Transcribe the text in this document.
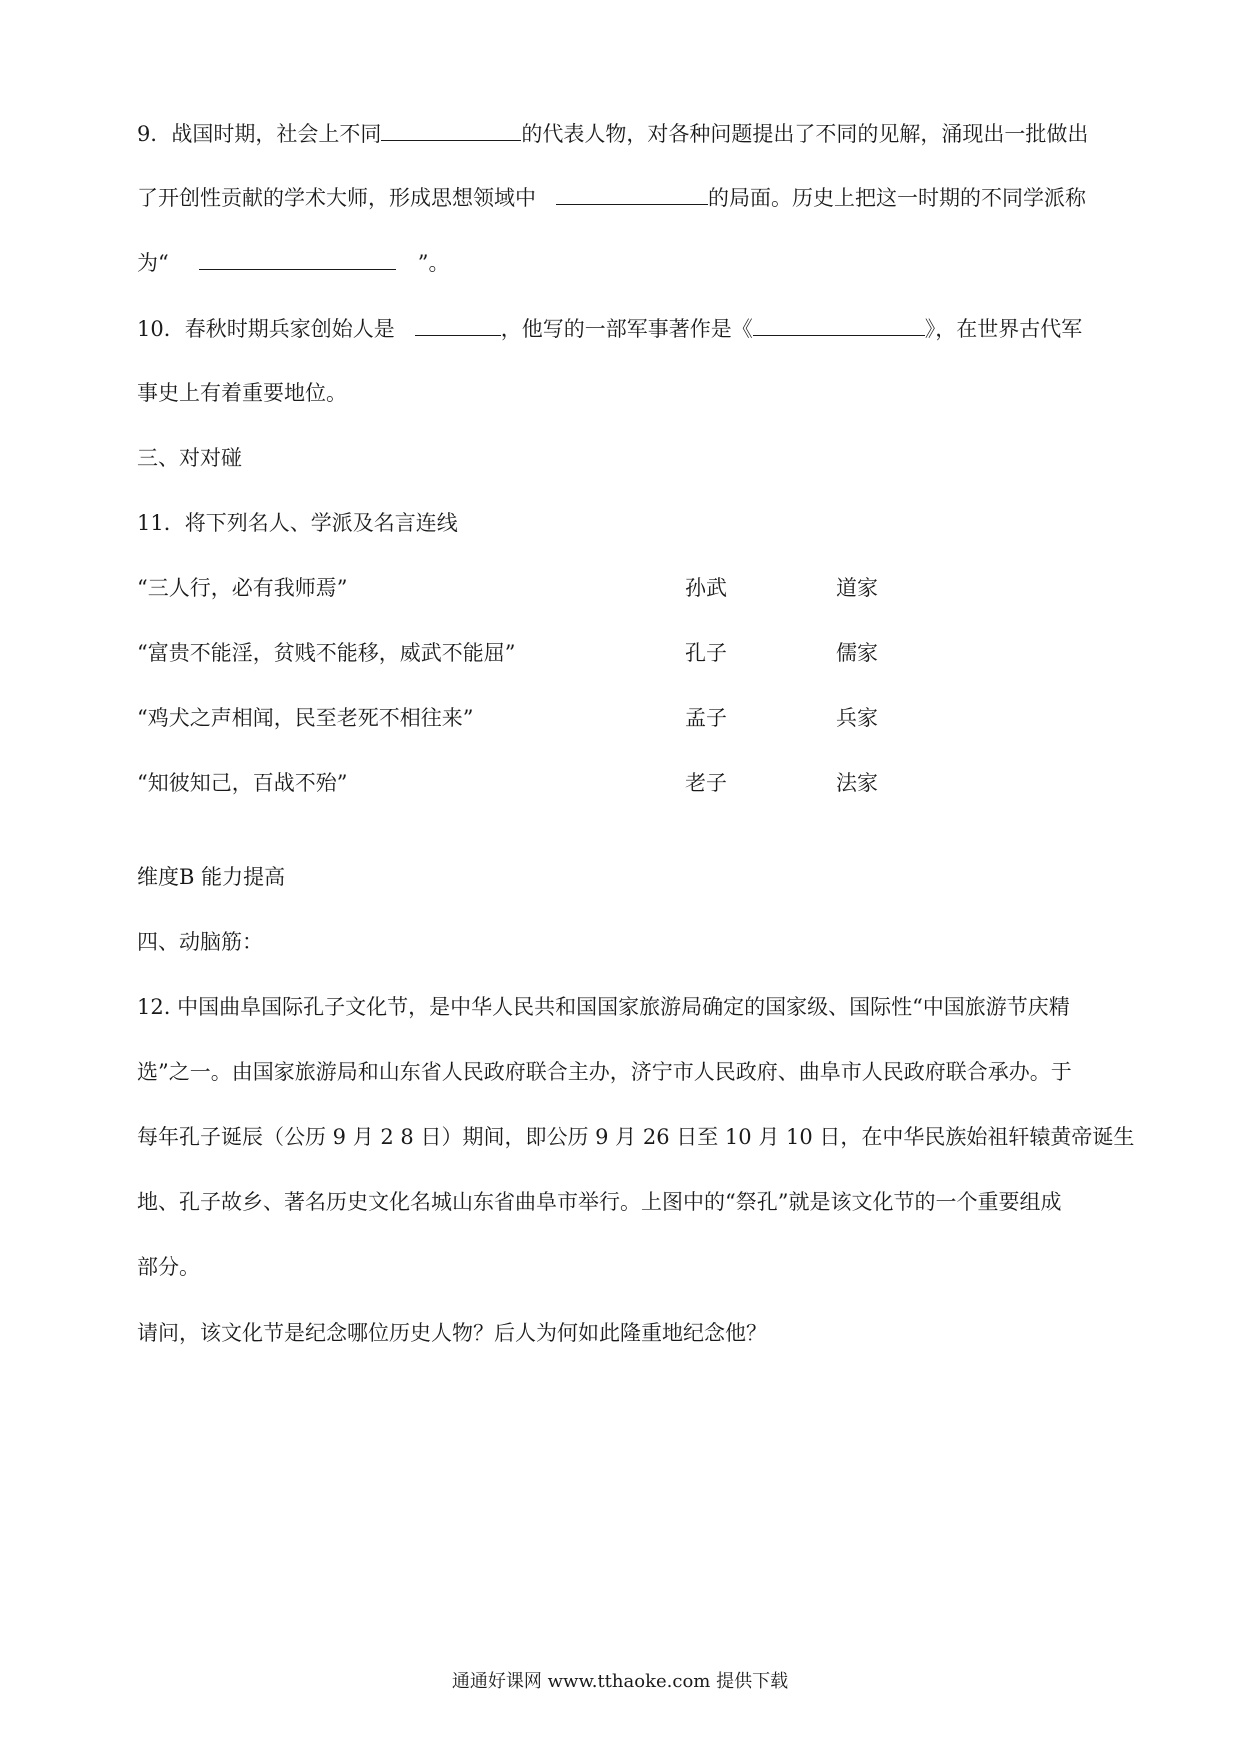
9．战国时期，社会上不同	的代表人物，对各种问题提出了不同的见解，涌现出一批做出
了开创性贡献的学术大师，形成思想领域中	的局面。历史上把这一时期的不同学派称
为“	”。
10．春秋时期兵家创始人是	，他写的一部军事著作是《	》，在世界古代军
事史上有着重要地位。
三、对对碰
11．将下列名人、学派及名言连线
“三人行，必有我师焉”	孙武	道家
“富贵不能淫，贫贱不能移，威武不能屈”	孔子	儒家
“鸡犬之声相闻，民至老死不相往来”	孟子	兵家
“知彼知己，百战不殆”	老子	法家
维度B 能力提高
四、动脑筋：
12. 中国曲阜国际孔子文化节，是中华人民共和国国家旅游局确定的国家级、国际性“中国旅游节庆精
选”之一。由国家旅游局和山东省人民政府联合主办，济宁市人民政府、曲阜市人民政府联合承办。于
每年孔子诞辰（公历 9 月 2 8 日）期间，即公历 9 月 26 日至 10 月 10 日，在中华民族始祖轩辕黄帝诞生
地、孔子故乡、著名历史文化名城山东省曲阜市举行。上图中的“祭孔”就是该文化节的一个重要组成
部分。
请问，该文化节是纪念哪位历史人物？后人为何如此隆重地纪念他？
通通好课网 www.tthaoke.com 提供下载
